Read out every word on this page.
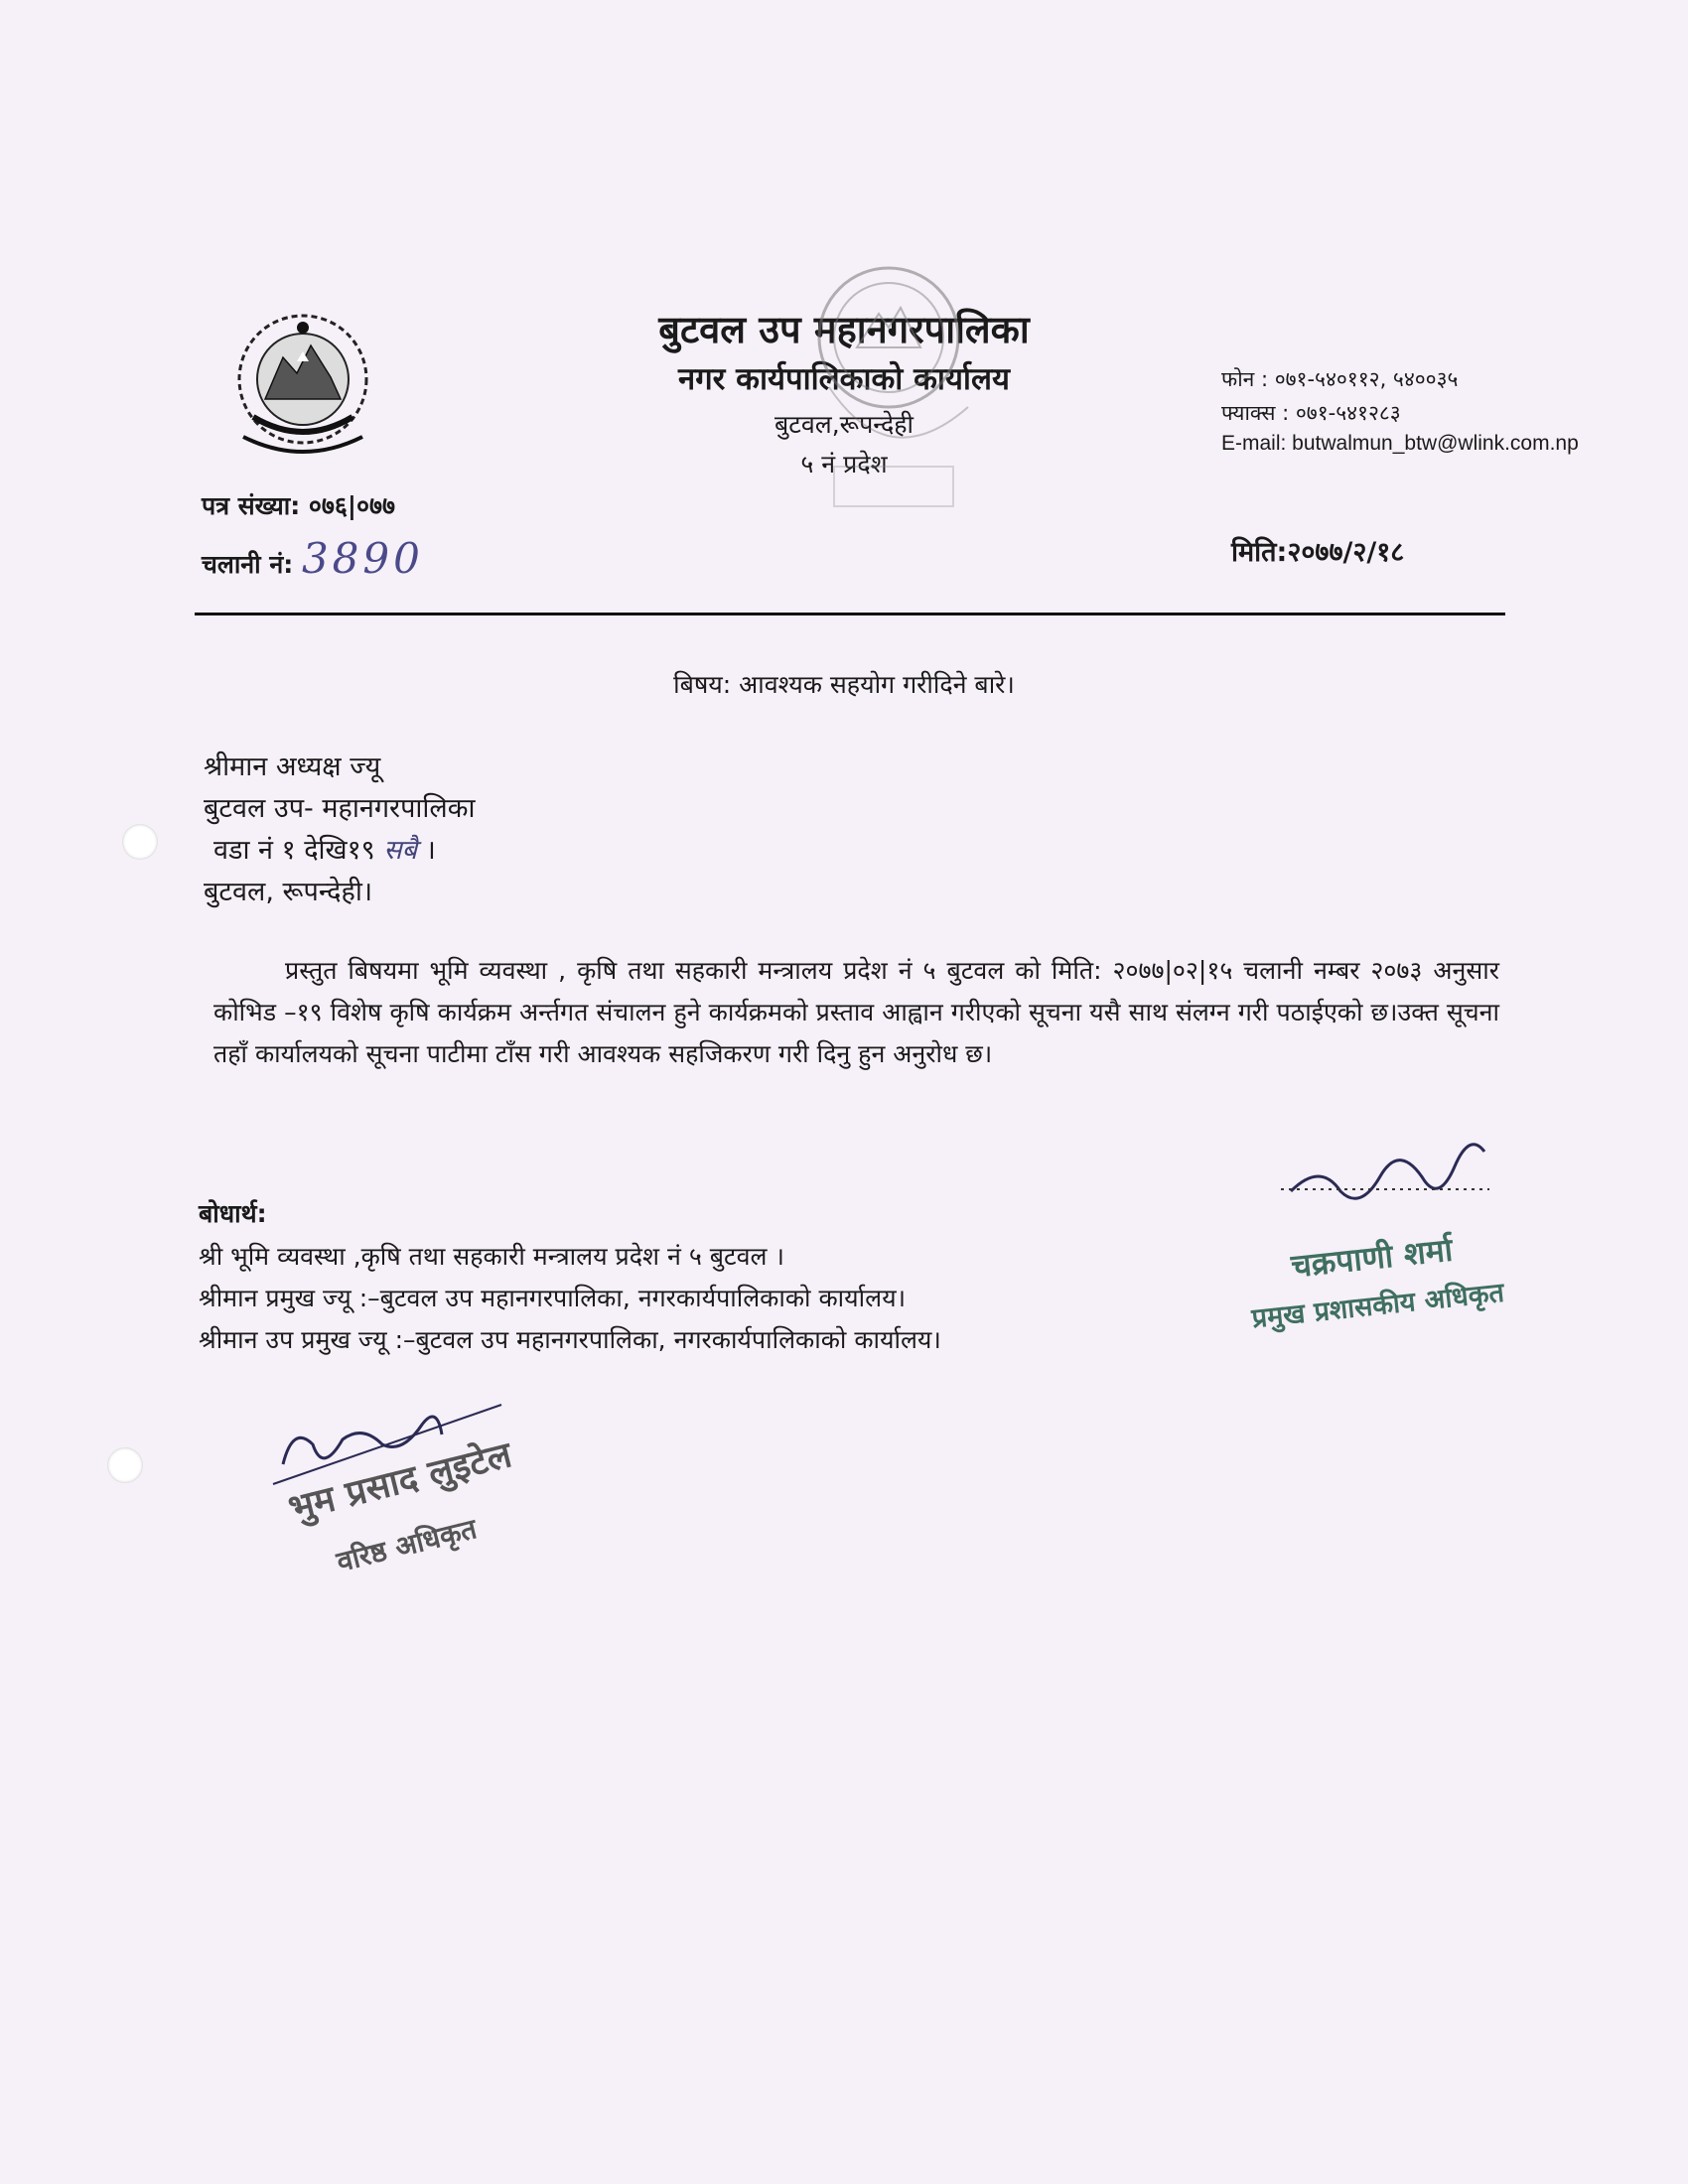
बुटवल उप महानगरपालिका
नगर कार्यपालिकाको कार्यालय
बुटवल,रूपन्देही
५ नं प्रदेश
फोन : ०७१-५४०११२, ५४००३५
फ्याक्स : ०७१-५४१२८३
E-mail: butwalmun_btw@wlink.com.np
पत्र संख्या: ०७६|०७७
चलानी नं: 3890	मिति:२०७७/२/१८
बिषय: आवश्यक सहयोग गरीदिने बारे।
श्रीमान अध्यक्ष ज्यू
बुटवल उप- महानगरपालिका
वडा नं १ देखि१९ सबै ।
बुटवल, रूपन्देही।
प्रस्तुत बिषयमा भूमि व्यवस्था , कृषि तथा सहकारी मन्त्रालय प्रदेश नं ५ बुटवल को मिति: २०७७|०२|१५ चलानी नम्बर २०७३ अनुसार कोभिड –१९ विशेष कृषि कार्यक्रम अर्न्तगत संचालन हुने कार्यक्रमको प्रस्ताव आह्वान गरीएको सूचना यसै साथ संलग्न गरी पठाईएको छ।उक्त सूचना तहाँ कार्यालयको सूचना पाटीमा टाँस गरी आवश्यक सहजिकरण गरी दिनु हुन अनुरोध छ।
चक्रपाणी शर्मा
प्रमुख प्रशासकीय अधिकृत
बोधार्थ:
श्री भूमि व्यवस्था ,कृषि तथा सहकारी मन्त्रालय प्रदेश नं ५ बुटवल ।
श्रीमान प्रमुख ज्यू :–बुटवल उप महानगरपालिका, नगरकार्यपालिकाको कार्यालय।
श्रीमान उप प्रमुख ज्यू :–बुटवल उप महानगरपालिका, नगरकार्यपालिकाको कार्यालय।
भुम प्रसाद लुइटेल
वरिष्ठ अधिकृत
